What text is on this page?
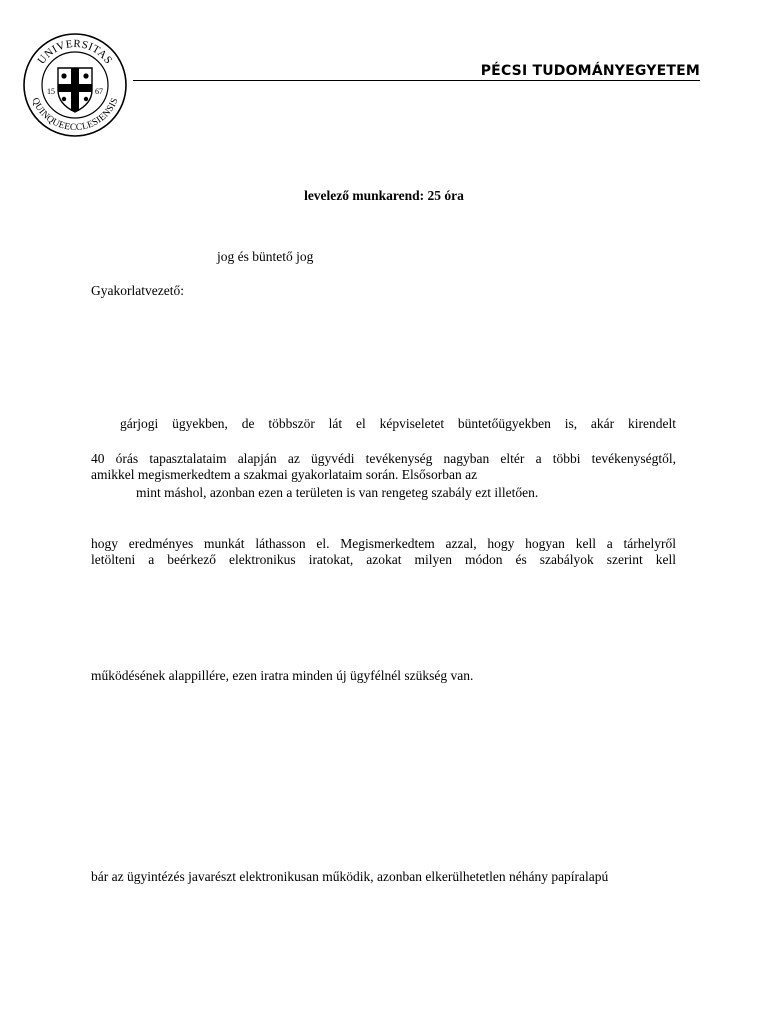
UNIVERSITAS
QUINQUEECCLESIENSIS
15	67
PÉCSI TUDOMÁNYEGYETEM
levelező munkarend: 25 óra
jog és büntető jog
Gyakorlatvezető:
gárjogi ügyekben, de többször lát el képviseletet büntetőügyekben is, akár kirendelt
40 órás tapasztalataim alapján az ügyvédi tevékenység nagyban eltér a többi tevékenységtől,
amikkel megismerkedtem a szakmai gyakorlataim során. Elsősorban az
mint máshol, azonban ezen a területen is van rengeteg szabály ezt illetően.
hogy eredményes munkát láthasson el. Megismerkedtem azzal, hogy hogyan kell a tárhelyről
letölteni a beérkező elektronikus iratokat, azokat milyen módon és szabályok szerint kell
működésének alappillére, ezen iratra minden új ügyfélnél szükség van.
bár az ügyintézés javarészt elektronikusan működik, azonban elkerülhetetlen néhány papíralapú
